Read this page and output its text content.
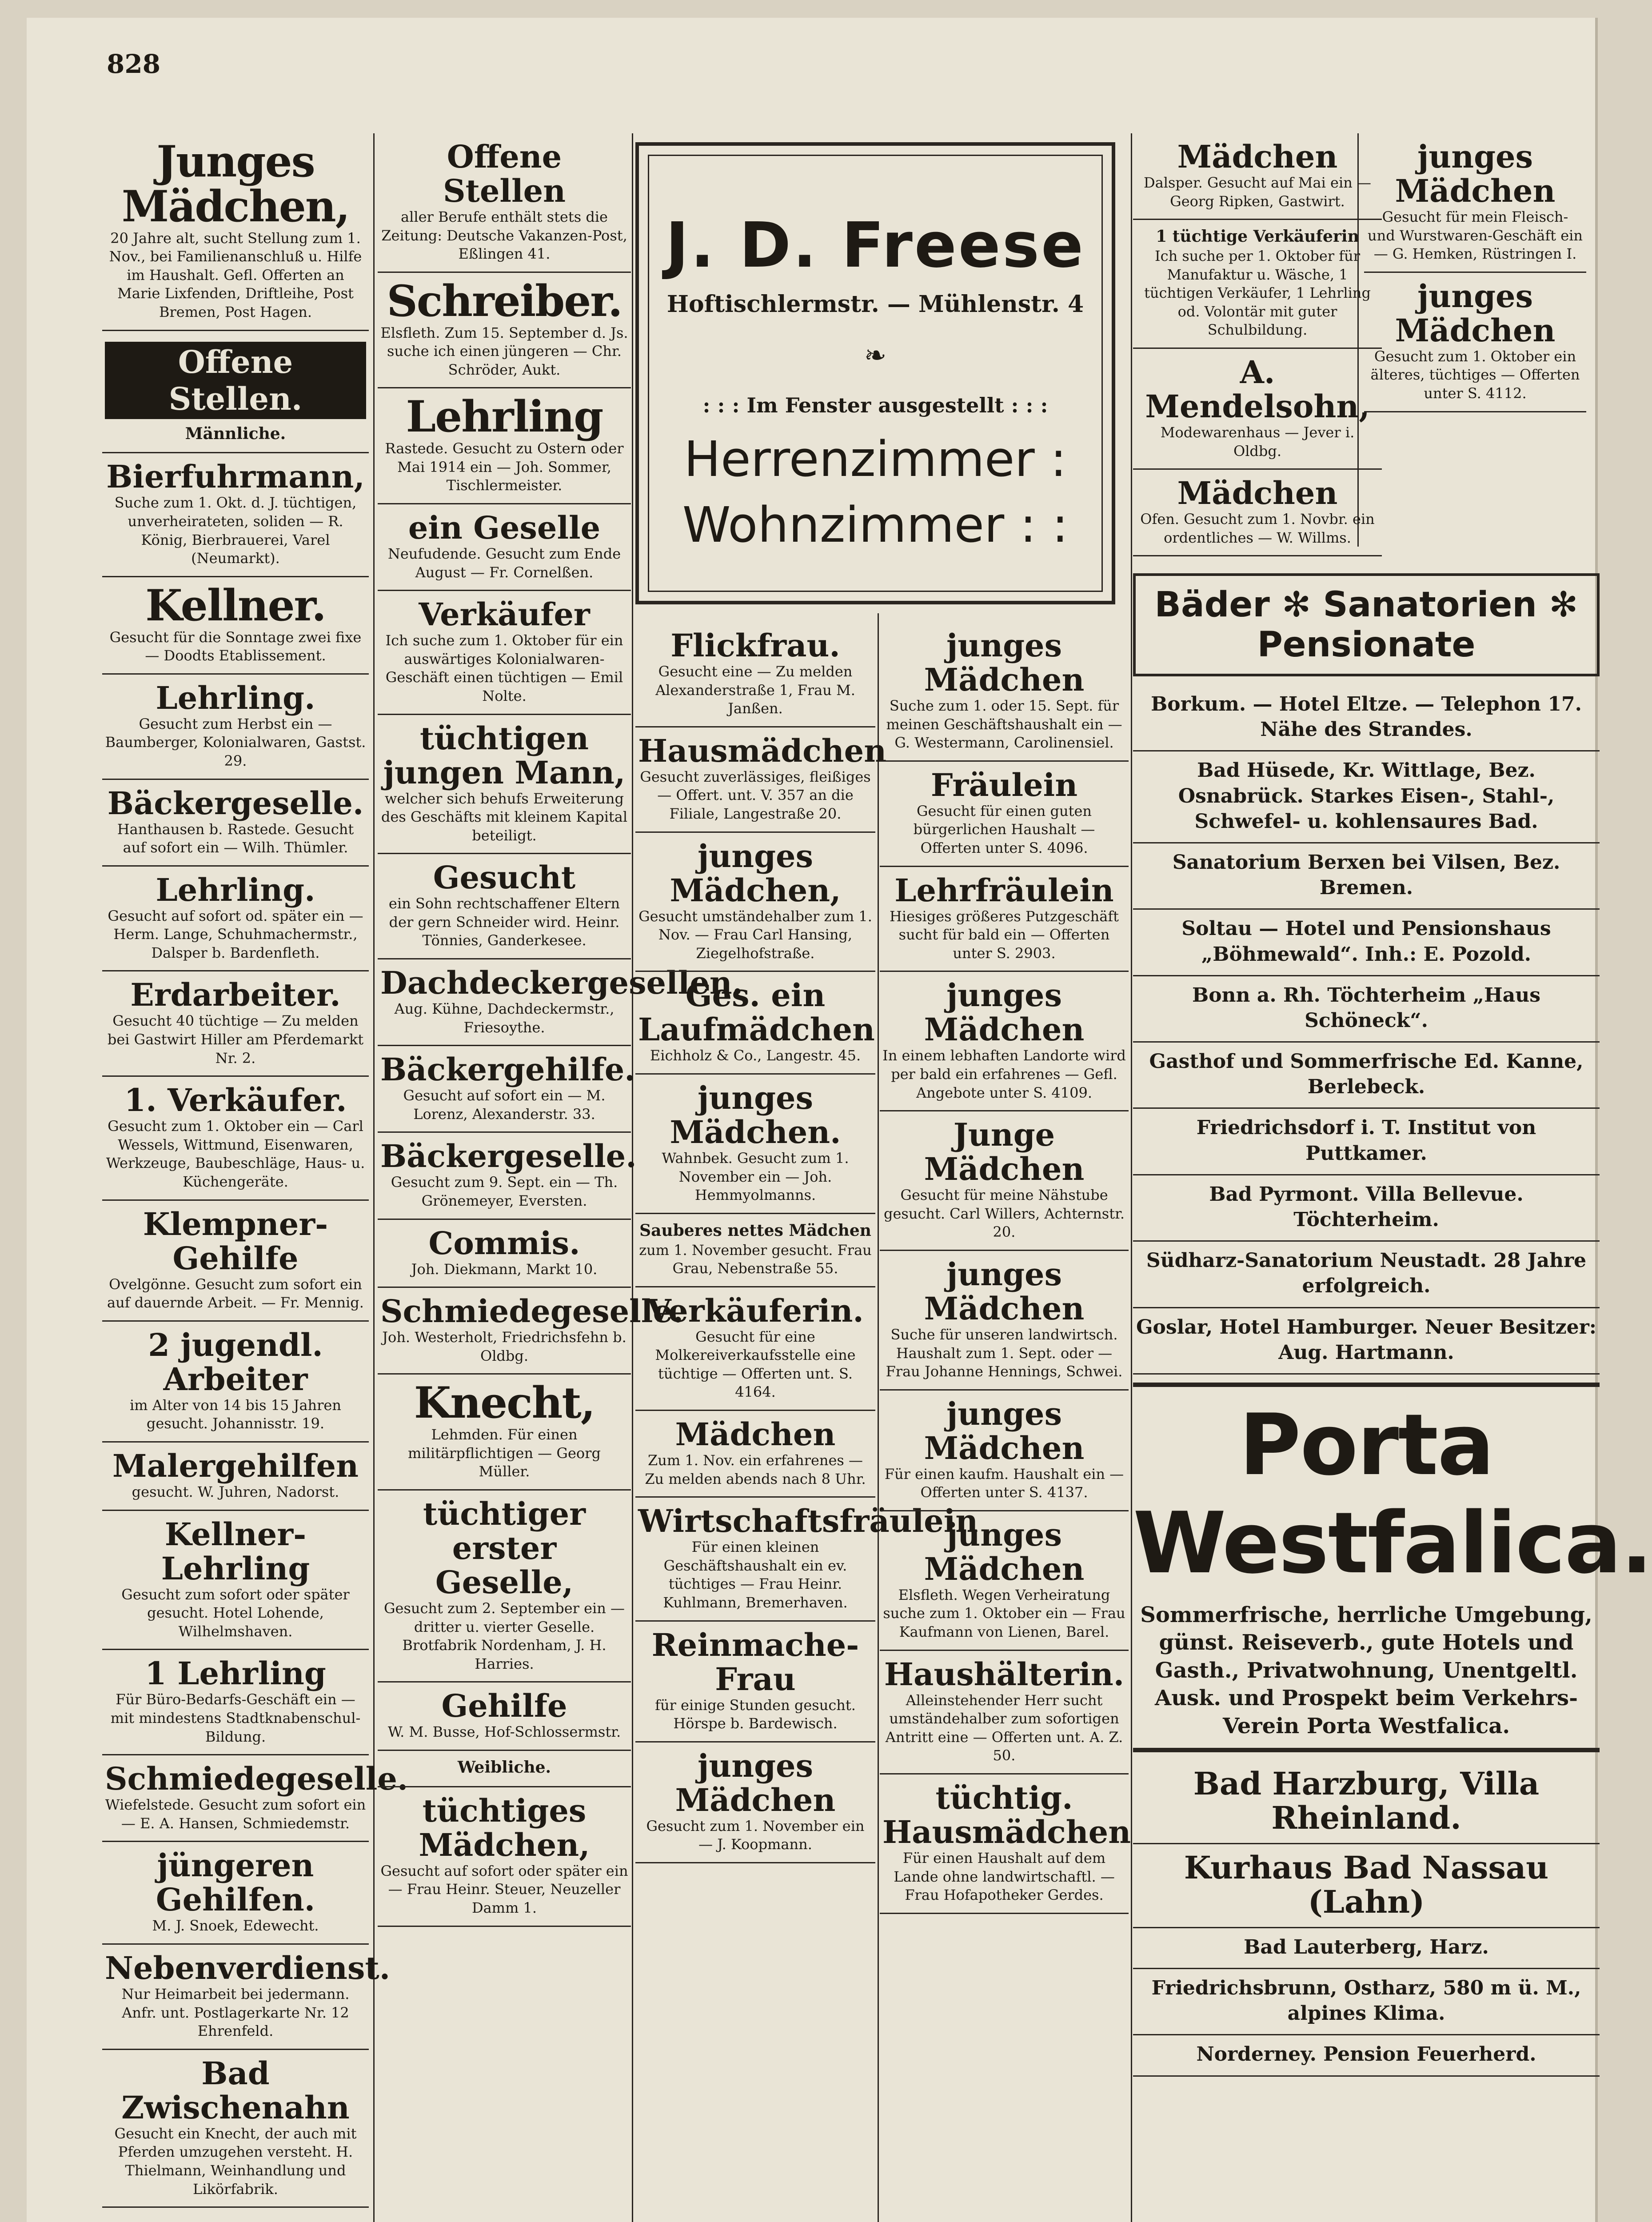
828
Junges Mädchen,
20 Jahre alt, sucht Stellung zum 1. Nov., bei Familienanschluß u. Hilfe im Haushalt. Gefl. Offerten an Marie Lixfenden, Driftleihe, Post Bremen, Post Hagen.
Offene Stellen.
Männliche.
Bierfuhrmann,
Suche zum 1. Okt. d. J. tüchtigen, unverheirateten, soliden — R. König, Bierbrauerei, Varel (Neumarkt).
Kellner.
Gesucht für die Sonntage zwei fixe — Doodts Etablissement.
Lehrling.
Gesucht zum Herbst ein — Baumberger, Kolonialwaren, Gastst. 29.
Bäckergeselle.
Hanthausen b. Rastede. Gesucht auf sofort ein — Wilh. Thümler.
Lehrling.
Gesucht auf sofort od. später ein — Herm. Lange, Schuhmachermstr., Dalsper b. Bardenfleth.
Erdarbeiter.
Gesucht 40 tüchtige — Zu melden bei Gastwirt Hiller am Pferdemarkt Nr. 2.
1. Verkäufer.
Gesucht zum 1. Oktober ein — Carl Wessels, Wittmund, Eisenwaren, Werkzeuge, Baubeschläge, Haus- u. Küchengeräte.
Klempner-Gehilfe
Ovelgönne. Gesucht zum sofort ein auf dauernde Arbeit. — Fr. Mennig.
2 jugendl. Arbeiter
im Alter von 14 bis 15 Jahren gesucht. Johannisstr. 19.
Malergehilfen
gesucht. W. Juhren, Nadorst.
Kellner-Lehrling
Gesucht zum sofort oder später gesucht. Hotel Lohende, Wilhelmshaven.
1 Lehrling
Für Büro-Bedarfs-Geschäft ein — mit mindestens Stadtknabenschul-Bildung.
Schmiedegeselle.
Wiefelstede. Gesucht zum sofort ein — E. A. Hansen, Schmiedemstr.
jüngeren Gehilfen.
M. J. Snoek, Edewecht.
Nebenverdienst.
Nur Heimarbeit bei jedermann. Anfr. unt. Postlagerkarte Nr. 12 Ehrenfeld.
Bad Zwischenahn
Gesucht ein Knecht, der auch mit Pferden umzugehen versteht. H. Thielmann, Weinhandlung und Likörfabrik.
Offene Stellen
aller Berufe enthält stets die Zeitung: Deutsche Vakanzen-Post, Eßlingen 41.
Schreiber.
Elsfleth. Zum 15. September d. Js. suche ich einen jüngeren — Chr. Schröder, Aukt.
Lehrling
Rastede. Gesucht zu Ostern oder Mai 1914 ein — Joh. Sommer, Tischlermeister.
ein Geselle
Neufudende. Gesucht zum Ende August — Fr. Cornelßen.
Verkäufer
Ich suche zum 1. Oktober für ein auswärtiges Kolonialwaren-Geschäft einen tüchtigen — Emil Nolte.
tüchtigen jungen Mann,
welcher sich behufs Erweiterung des Geschäfts mit kleinem Kapital beteiligt.
Gesucht
ein Sohn rechtschaffener Eltern der gern Schneider wird. Heinr. Tönnies, Ganderkesee.
Dachdeckergesellen.
Aug. Kühne, Dachdeckermstr., Friesoythe.
Bäckergehilfe.
Gesucht auf sofort ein — M. Lorenz, Alexanderstr. 33.
Bäckergeselle.
Gesucht zum 9. Sept. ein — Th. Grönemeyer, Eversten.
Commis.
Joh. Diekmann, Markt 10.
Schmiedegeselle.
Joh. Westerholt, Friedrichsfehn b. Oldbg.
Knecht,
Lehmden. Für einen militärpflichtigen — Georg Müller.
tüchtiger erster Geselle,
Gesucht zum 2. September ein — dritter u. vierter Geselle. Brotfabrik Nordenham, J. H. Harries.
Gehilfe
W. M. Busse, Hof-Schlossermstr.
Weibliche.
tüchtiges Mädchen,
Gesucht auf sofort oder später ein — Frau Heinr. Steuer, Neuzeller Damm 1.
J. D. Freese
Hoftischlermstr. — Mühlenstr. 4
❧
: : : Im Fenster ausgestellt : : :
Herrenzimmer :
Wohnzimmer : :
Flickfrau.
Gesucht eine — Zu melden Alexanderstraße 1, Frau M. Janßen.
Hausmädchen
Gesucht zuverlässiges, fleißiges — Offert. unt. V. 357 an die Filiale, Langestraße 20.
junges Mädchen,
Gesucht umständehalber zum 1. Nov. — Frau Carl Hansing, Ziegelhofstraße.
Ges. ein Laufmädchen
Eichholz & Co., Langestr. 45.
junges Mädchen.
Wahnbek. Gesucht zum 1. November ein — Joh. Hemmyolmanns.
Sauberes nettes Mädchen
zum 1. November gesucht. Frau Grau, Nebenstraße 55.
Verkäuferin.
Gesucht für eine Molkereiverkaufsstelle eine tüchtige — Offerten unt. S. 4164.
Mädchen
Zum 1. Nov. ein erfahrenes — Zu melden abends nach 8 Uhr.
Wirtschaftsfräulein
Für einen kleinen Geschäftshaushalt ein ev. tüchtiges — Frau Heinr. Kuhlmann, Bremerhaven.
Reinmache-Frau
für einige Stunden gesucht. Hörspe b. Bardewisch.
junges Mädchen
Gesucht zum 1. November ein — J. Koopmann.
junges Mädchen
Suche zum 1. oder 15. Sept. für meinen Geschäftshaushalt ein — G. Westermann, Carolinensiel.
Fräulein
Gesucht für einen guten bürgerlichen Haushalt — Offerten unter S. 4096.
Lehrfräulein
Hiesiges größeres Putzgeschäft sucht für bald ein — Offerten unter S. 2903.
junges Mädchen
In einem lebhaften Landorte wird per bald ein erfahrenes — Gefl. Angebote unter S. 4109.
Junge Mädchen
Gesucht für meine Nähstube gesucht. Carl Willers, Achternstr. 20.
junges Mädchen
Suche für unseren landwirtsch. Haushalt zum 1. Sept. oder — Frau Johanne Hennings, Schwei.
junges Mädchen
Für einen kaufm. Haushalt ein — Offerten unter S. 4137.
junges Mädchen
Elsfleth. Wegen Verheiratung suche zum 1. Oktober ein — Frau Kaufmann von Lienen, Barel.
Haushälterin.
Alleinstehender Herr sucht umständehalber zum sofortigen Antritt eine — Offerten unt. A. Z. 50.
tüchtig. Hausmädchen
Für einen Haushalt auf dem Lande ohne landwirtschaftl. — Frau Hofapotheker Gerdes.
Mädchen
Dalsper. Gesucht auf Mai ein — Georg Ripken, Gastwirt.
1 tüchtige Verkäuferin
Ich suche per 1. Oktober für Manufaktur u. Wäsche, 1 tüchtigen Verkäufer, 1 Lehrling od. Volontär mit guter Schulbildung.
A. Mendelsohn,
Modewarenhaus — Jever i. Oldbg.
Mädchen
Ofen. Gesucht zum 1. Novbr. ein ordentliches — W. Willms.
junges Mädchen
Gesucht für mein Fleisch- und Wurstwaren-Geschäft ein — G. Hemken, Rüstringen I.
junges Mädchen
Gesucht zum 1. Oktober ein älteres, tüchtiges — Offerten unter S. 4112.
Bäder ✻ Sanatorien ✻ Pensionate
Borkum. — Hotel Eltze. — Telephon 17. Nähe des Strandes.
Bad Hüsede, Kr. Wittlage, Bez. Osnabrück. Starkes Eisen-, Stahl-, Schwefel- u. kohlensaures Bad.
Sanatorium Berxen bei Vilsen, Bez. Bremen.
Soltau — Hotel und Pensionshaus „Böhmewald“. Inh.: E. Pozold.
Bonn a. Rh. Töchterheim „Haus Schöneck“.
Gasthof und Sommerfrische Ed. Kanne, Berlebeck.
Friedrichsdorf i. T. Institut von Puttkamer.
Bad Pyrmont. Villa Bellevue. Töchterheim.
Südharz-Sanatorium Neustadt. 28 Jahre erfolgreich.
Goslar, Hotel Hamburger. Neuer Besitzer: Aug. Hartmann.
Porta Westfalica.
Sommerfrische, herrliche Umgebung, günst. Reiseverb., gute Hotels und Gasth., Privatwohnung, Unentgeltl. Ausk. und Prospekt beim Verkehrs-Verein Porta Westfalica.
Bad Harzburg, Villa Rheinland.
Kurhaus Bad Nassau (Lahn)
Bad Lauterberg, Harz.
Friedrichsbrunn, Ostharz, 580 m ü. M., alpines Klima.
Norderney. Pension Feuerherd.
